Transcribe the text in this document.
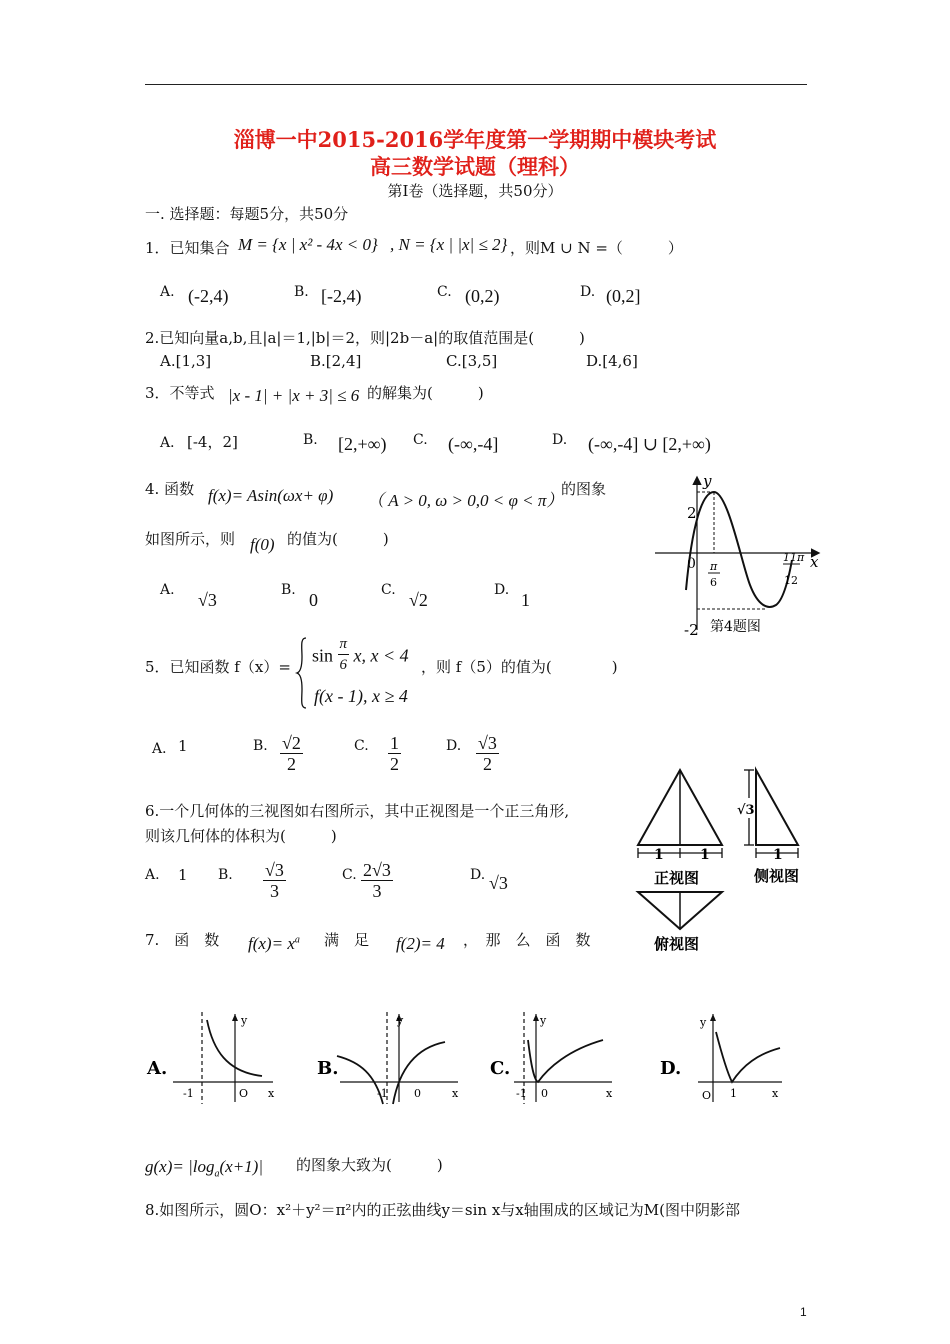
淄博一中2015-2016学年度第一学期期中模块考试
高三数学试题（理科）
第Ⅰ卷（选择题，共50分）
一. 选择题：每题5分，共50分
1．已知集合 M = {x | x² - 4x < 0} , N = {x | |x| ≤ 2} ，则M ∪ N =（　　　）
A. (-2,4)	B. [-2,4)	C. (0,2)	D. (0,2]
2.已知向量a,b,且|a|＝1,|b|＝2，则|2b－a|的取值范围是(　　　)
A.[1,3]	B.[2,4]	C.[3,5]	D.[4,6]
3．不等式 |x - 1| + |x + 3| ≤ 6 的解集为(　　　)
A． [-4，2]	B. [2,+∞) C. (-∞,-4]	D. (-∞,-4] ∪ [2,+∞)
4. 函数 f(x)= Asin(ωx+ φ) （ A > 0, ω > 0,0 < φ < π）
的图象
如图所示，则 f(0) 的值为(　　　)
A. √3	B. 0	C. √2	D. 1
y
x
0
2
-2
π
6
11π
12
第4题图
5．已知函数 f（x）=
$\sin \frac{\pi}{6} x$, x < 4
f(x - 1), x ≥ 4
，则 f（5）的值为(　　　　)
A． 1	B. $\frac{√2}{2}$	C. $\frac{1}{2}$	D. $\frac{√3}{2}$
6.一个几何体的三视图如右图所示，其中正视图是一个正三角形,
则该几何体的体积为(　　　)
A. 1 B. $\frac{√3}{3}$	C. $\frac{2√3}{3}$	D. √3
1	1
正视图
√3
1
侧视图
俯视图
7.　函　数 $f(x)= x^a$ 满　足 f(2)= 4 ，　那　么　函　数
A.
y
-1	O x
B.
y
-1 0	x
C.
y
-1 0	x
D.
y
O 1	x
$g(x)= |\log_a(x+1)|$ 的图象大致为(　　　)
8.如图所示，圆O：x²＋y²＝π²内的正弦曲线y＝sin x与x轴围成的区域记为M(图中阴影部
1
